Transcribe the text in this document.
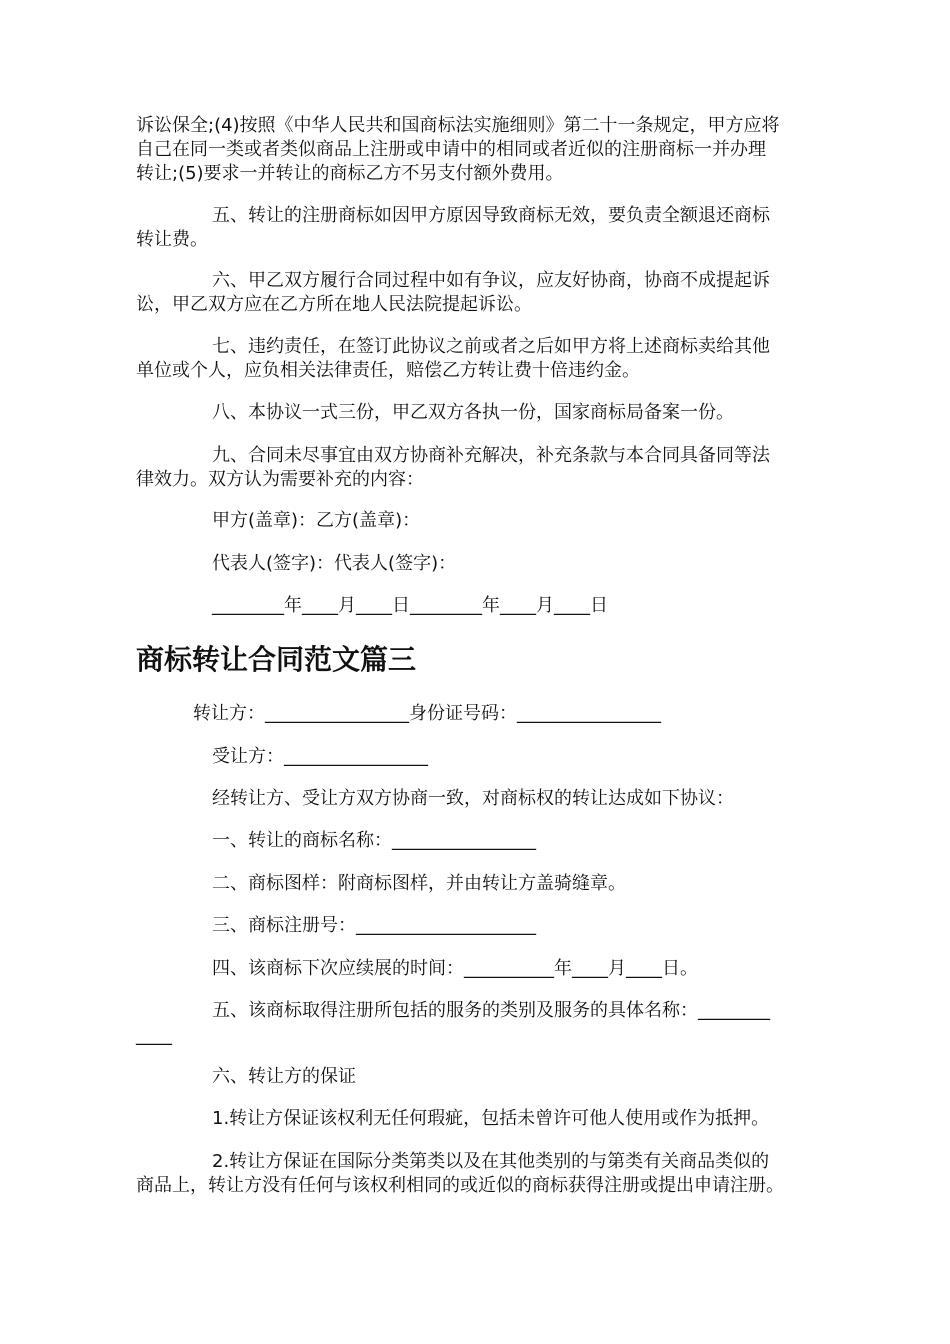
诉讼保全;(4)按照《中华人民共和国商标法实施细则》第二十一条规定，甲方应将
自己在同一类或者类似商品上注册或申请中的相同或者近似的注册商标一并办理
转让;(5)要求一并转让的商标乙方不另支付额外费用。
五、转让的注册商标如因甲方原因导致商标无效，要负责全额退还商标
转让费。
六、甲乙双方履行合同过程中如有争议，应友好协商，协商不成提起诉
讼，甲乙双方应在乙方所在地人民法院提起诉讼。
七、违约责任，在签订此协议之前或者之后如甲方将上述商标卖给其他
单位或个人，应负相关法律责任，赔偿乙方转让费十倍违约金。
八、本协议一式三份，甲乙双方各执一份，国家商标局备案一份。
九、合同未尽事宜由双方协商补充解决，补充条款与本合同具备同等法
律效力。双方认为需要补充的内容：
甲方(盖章)：乙方(盖章)：
代表人(签字)：代表人(签字)：
________年____月____日________年____月____日
商标转让合同范文篇三
转让方：________________身份证号码：________________
受让方：________________
经转让方、受让方双方协商一致，对商标权的转让达成如下协议：
一、转让的商标名称：________________
二、商标图样：附商标图样，并由转让方盖骑缝章。
三、商标注册号：____________________
四、该商标下次应续展的时间：__________年____月____日。
五、该商标取得注册所包括的服务的类别及服务的具体名称：________
____
六、转让方的保证
1.转让方保证该权利无任何瑕疵，包括未曾许可他人使用或作为抵押。
2.转让方保证在国际分类第类以及在其他类别的与第类有关商品类似的
商品上，转让方没有任何与该权利相同的或近似的商标获得注册或提出申请注册。
